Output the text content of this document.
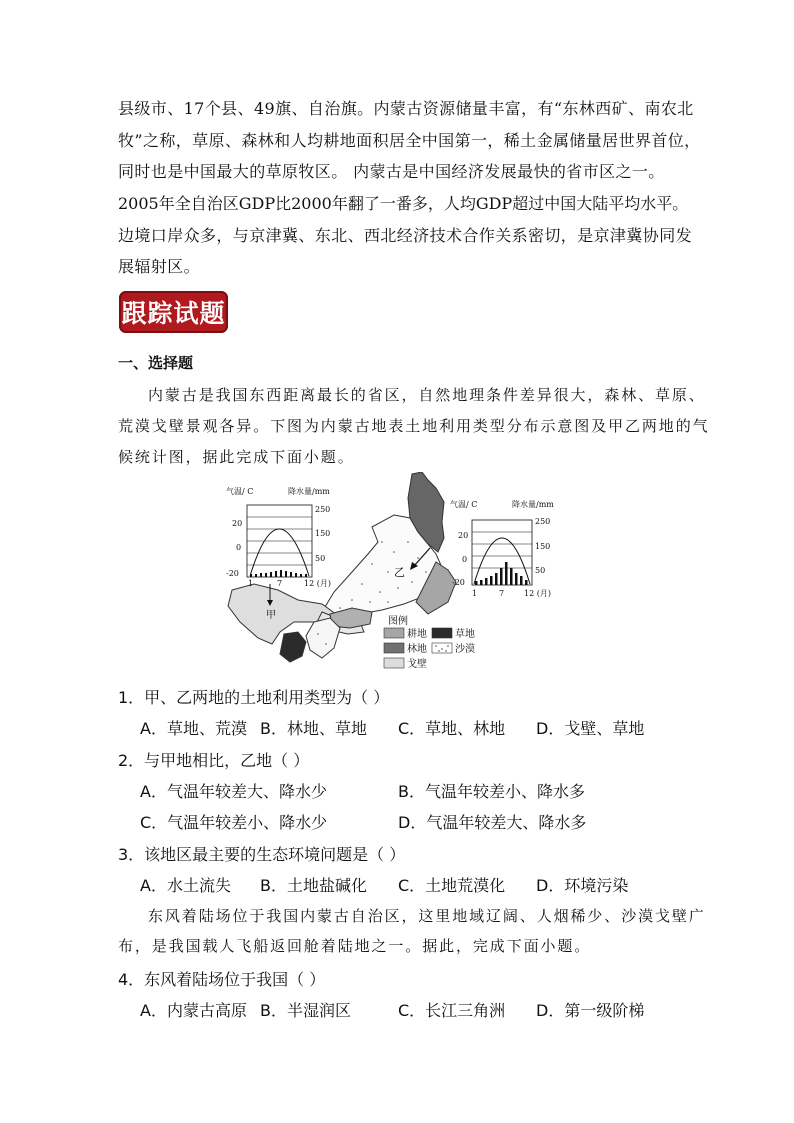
县级市、17个县、49旗、自治旗。内蒙古资源储量丰富，有“东林西矿、南农北

牧”之称，草原、森林和人均耕地面积居全中国第一，稀土金属储量居世界首位，

同时也是中国最大的草原牧区。 内蒙古是中国经济发展最快的省市区之一。

2005年全自治区GDP比2000年翻了一番多，人均GDP超过中国大陆平均水平。

边境口岸众多，与京津冀、东北、西北经济技术合作关系密切，是京津冀协同发

展辐射区。

跟踪试题
一、选择题

内蒙古是我国东西距离最长的省区，自然地理条件差异很大，森林、草原、

荒漠戈壁景观各异。下图为内蒙古地表土地利用类型分布示意图及甲乙两地的气

候统计图，据此完成下面小题。

甲
乙
气温/ C	降水量/mm
20
0
-20
250
150
50
1	7	12 (月)
气温/ C	降水量/mm
20
0
-20
250
150
50
1	7 12 (月)
图例
耕地	草地
林地	沙漠
戈壁

1．甲、乙两地的土地利用类型为（ ）

A．草地、荒漠 B．林地、草地 C．草地、林地 D．戈壁、草地

2．与甲地相比，乙地（ ）

A．气温年较差大、降水少	B．气温年较差小、降水多

C．气温年较差小、降水少	D．气温年较差大、降水多

3．该地区最主要的生态环境问题是（ ）

A．水土流失 B．土地盐碱化 C．土地荒漠化 D．环境污染

东风着陆场位于我国内蒙古自治区，这里地域辽阔、人烟稀少、沙漠戈壁广

布，是我国载人飞船返回舱着陆地之一。据此，完成下面小题。

4．东风着陆场位于我国（ ）

A．内蒙古高原 B．半湿润区	C．长江三角洲 D．第一级阶梯
